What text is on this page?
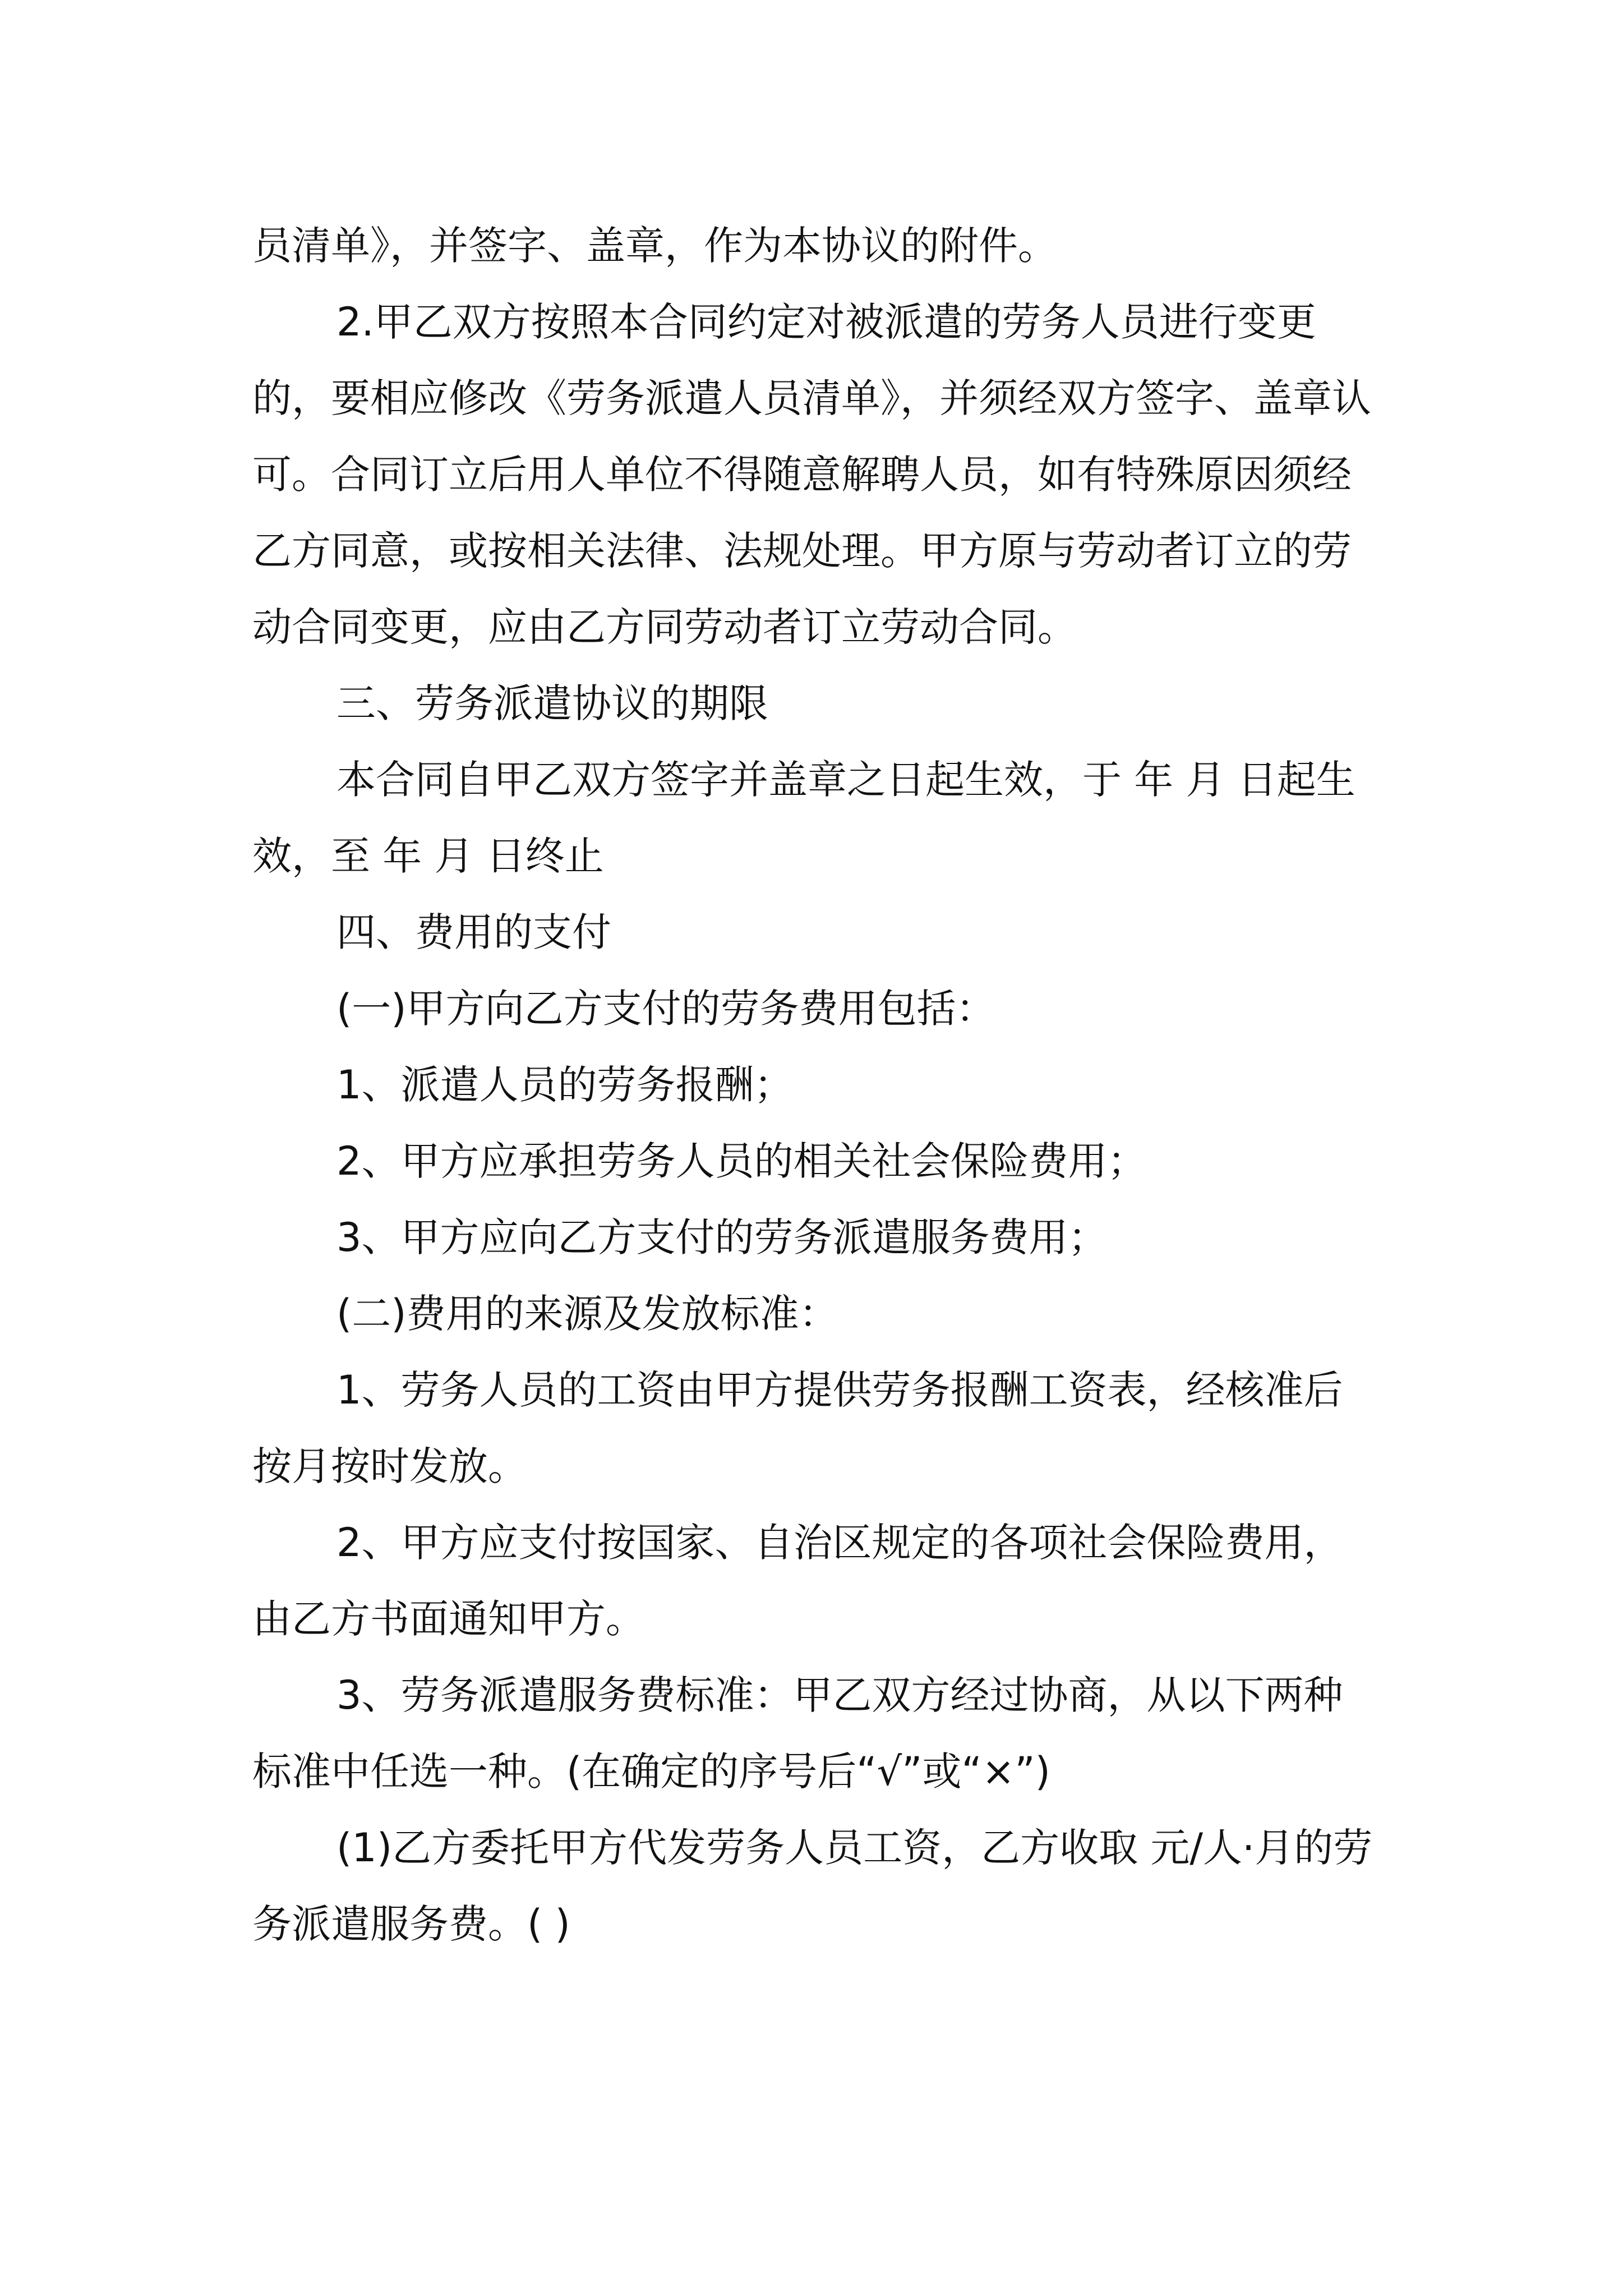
员清单》，并签字、盖章，作为本协议的附件。

2.甲乙双方按照本合同约定对被派遣的劳务人员进行变更的，要相应修改《劳务派遣人员清单》，并须经双方签字、盖章认可。合同订立后用人单位不得随意解聘人员，如有特殊原因须经乙方同意，或按相关法律、法规处理。甲方原与劳动者订立的劳动合同变更，应由乙方同劳动者订立劳动合同。

三、劳务派遣协议的期限

本合同自甲乙双方签字并盖章之日起生效，于 年 月 日起生效，至 年 月 日终止

四、费用的支付

(一)甲方向乙方支付的劳务费用包括：

1、派遣人员的劳务报酬；

2、甲方应承担劳务人员的相关社会保险费用；

3、甲方应向乙方支付的劳务派遣服务费用；

(二)费用的来源及发放标准：

1、劳务人员的工资由甲方提供劳务报酬工资表，经核准后按月按时发放。

2、甲方应支付按国家、自治区规定的各项社会保险费用，由乙方书面通知甲方。

3、劳务派遣服务费标准：甲乙双方经过协商，从以下两种标准中任选一种。(在确定的序号后“√”或“×”)

(1)乙方委托甲方代发劳务人员工资，乙方收取 元/人·月的劳务派遣服务费。( )
